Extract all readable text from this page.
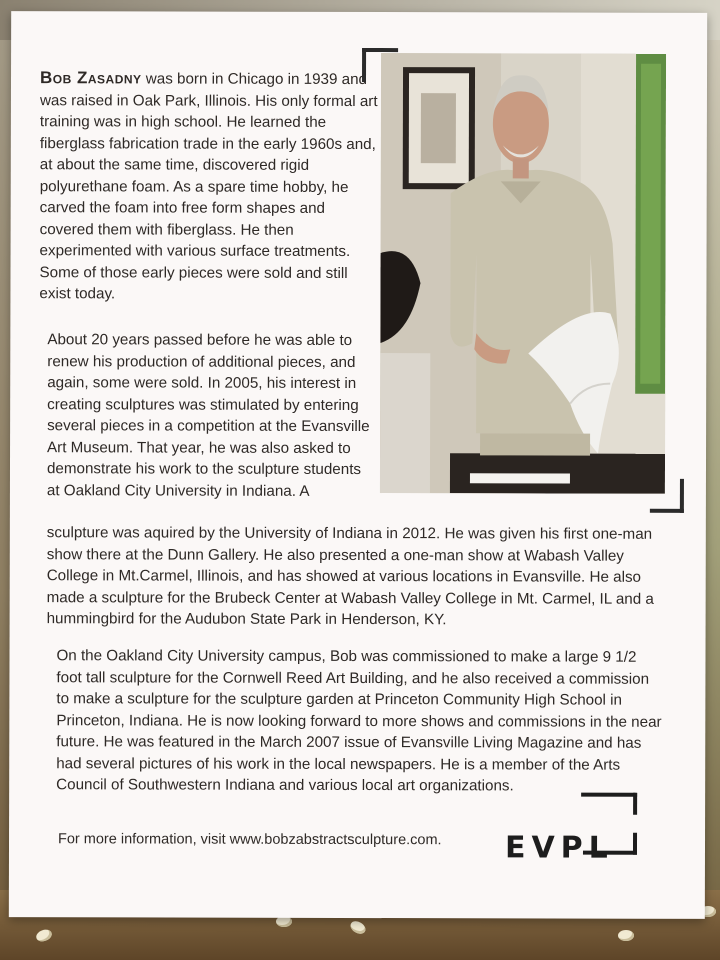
Bob Zasadny was born in Chicago in 1939 and was raised in Oak Park, Illinois. His only formal art training was in high school. He learned the fiberglass fabrication trade in the early 1960s and, at about the same time, discovered rigid polyurethane foam. As a spare time hobby, he carved the foam into free form shapes and covered them with fiberglass. He then experimented with various surface treatments. Some of those early pieces were sold and still exist today.

About 20 years passed before he was able to renew his production of additional pieces, and again, some were sold. In 2005, his interest in creating sculptures was stimulated by entering several pieces in a competition at the Evansville Art Museum. That year, he was also asked to demonstrate his work to the sculpture students at Oakland City University in Indiana. A

sculpture was aquired by the University of Indiana in 2012. He was given his first one-man show there at the Dunn Gallery. He also presented a one-man show at Wabash Valley College in Mt.Carmel, Illinois, and has showed at various locations in Evansville. He also made a sculpture for the Brubeck Center at Wabash Valley College in Mt. Carmel, IL and a hummingbird for the Audubon State Park in Henderson, KY.

On the Oakland City University campus, Bob was commissioned to make a large 9 1/2 foot tall sculpture for the Cornwell Reed Art Building, and he also received a commission to make a sculpture for the sculpture garden at Princeton Community High School in Princeton, Indiana. He is now looking forward to more shows and commissions in the near future. He was featured in the March 2007 issue of Evansville Living Magazine and has had several pictures of his work in the local newspapers. He is a member of the Arts Council of Southwestern Indiana and various local art organizations.

For more information, visit www.bobzabstractsculpture.com. EVPL
